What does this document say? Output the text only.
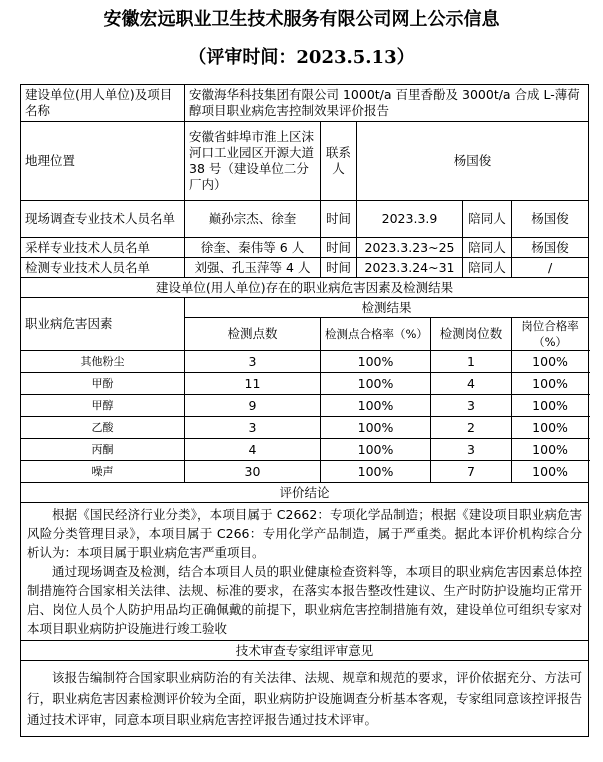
安徽宏远职业卫生技术服务有限公司网上公示信息
（评审时间：2023.5.13）
建设单位(用人单位)及项目名称	安徽海华科技集团有限公司 1000t/a 百里香酚及 3000t/a 合成 L-薄荷醇项目职业病危害控制效果评价报告					
地理位置	安徽省蚌埠市淮上区沫河口工业园区开源大道 38 号（建设单位二分厂内）	联系人	杨国俊			
现场调查专业技术人员名单	巅孙宗杰、徐奎	时间	2023.3.9		陪同人	杨国俊
采样专业技术人员名单	徐奎、秦伟等 6 人	时间	2023.3.23~25		陪同人	杨国俊
检测专业技术人员名单	刘强、孔玉萍等 4 人	时间	2023.3.24~31		陪同人	/
建设单位(用人单位)存在的职业病危害因素及检测结果						
职业病危害因素	检测结果					
	检测点数	检测点合格率（%）		检测岗位数		岗位合格率（%）
其他粉尘	3	100%		1		100%
甲酚	11	100%		4		100%
甲醇	9	100%		3		100%
乙酸	3	100%		2		100%
丙酮	4	100%		3		100%
噪声	30	100%		7		100%
评价结论						

根据《国民经济行业分类》，本项目属于 C2662：专项化学品制造；根据《建设项目职业病危害风险分类管理目录》，本项目属于 C266：专用化学产品制造，属于严重类。据此本评价机构综合分析认为：本项目属于职业病危害严重项目。
通过现场调查及检测，结合本项目人员的职业健康检查资料等，本项目的职业病危害因素总体控制措施符合国家相关法律、法规、标准的要求，在落实本报告整改性建议、生产时防护设施均正常开启、岗位人员个人防护用品均正确佩戴的前提下，职业病危害控制措施有效，建设单位可组织专家对本项目职业病防护设施进行竣工验收						

技术审查专家组评审意见						
该报告编制符合国家职业病防治的有关法律、法规、规章和规范的要求，评价依据充分、方法可行，职业病危害因素检测评价较为全面，职业病防护设施调查分析基本客观，专家组同意该控评报告通过技术评审，同意本项目职业病危害控评报告通过技术评审。						
